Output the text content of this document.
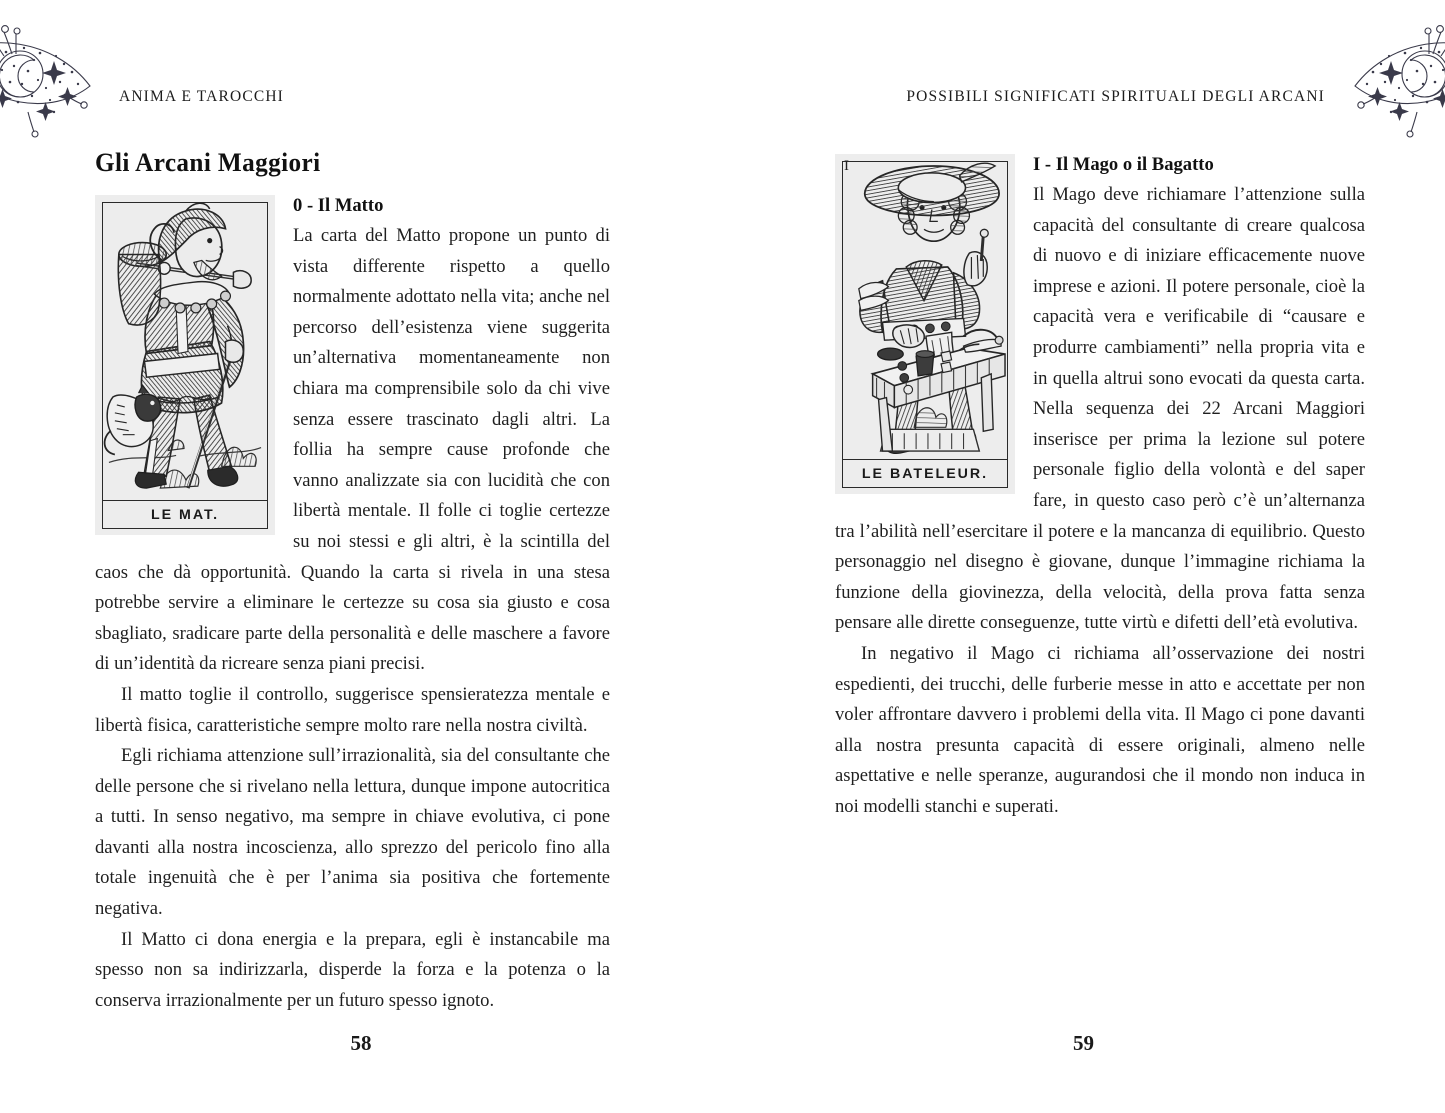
ANIMA E TAROCCHI
Gli Arcani Maggiori
LE MAT.

0 - Il Matto

La carta del Matto propone un punto di vista differente rispetto a quello normalmente adottato nella vita; anche nel percorso dell’esistenza viene suggerita un’alternativa momentaneamente non chiara ma comprensibile solo da chi vive senza essere trascinato dagli altri. La follia ha sempre cause profonde che vanno analizzate sia con lucidità che con libertà mentale. Il folle ci toglie certezze su noi stessi e gli altri, è la scintilla del caos che dà opportunità. Quando la carta si rivela in una stesa potrebbe servire a eliminare le certezze su cosa sia giusto e cosa sbagliato, sradicare parte della personalità e delle maschere a favore di un’identità da ricreare senza piani precisi.

Il matto toglie il controllo, suggerisce spensieratezza mentale e libertà fisica, caratteristiche sempre molto rare nella nostra civiltà.

Egli richiama attenzione sull’irrazionalità, sia del consultante che delle persone che si rivelano nella lettura, dunque impone autocritica a tutti. In senso negativo, ma sempre in chiave evolutiva, ci pone davanti alla nostra incoscienza, allo sprezzo del pericolo fino alla totale ingenuità che è per l’anima sia positiva che fortemente negativa.

Il Matto ci dona energia e la prepara, egli è instancabile ma spesso non sa indirizzarla, disperde la forza e la potenza o la conserva irrazionalmente per un futuro spesso ignoto.

58
POSSIBILI SIGNIFICATI SPIRITUALI DEGLI ARCANI
LE BATELEUR.
I	I - Il Mago o il Bagatto

Il Mago deve richiamare l’attenzione sulla capacità del consultante di creare qualcosa di nuovo e di iniziare efficacemente nuove imprese e azioni. Il potere personale, cioè la capacità vera e verificabile di “causare e produrre cambiamenti” nella propria vita e in quella altrui sono evocati da questa carta. Nella sequenza dei 22 Arcani Maggiori inserisce per prima la lezione sul potere personale figlio della volontà e del saper fare, in questo caso però c’è un’alternanza tra l’abilità nell’esercitare il potere e la mancanza di equilibrio. Questo personaggio nel disegno è giovane, dunque l’immagine richiama la funzione della giovinezza, della velocità, della prova fatta senza pensare alle dirette conseguenze, tutte virtù e difetti dell’età evolutiva.

In negativo il Mago ci richiama all’osservazione dei nostri espedienti, dei trucchi, delle furberie messe in atto e accettate per non voler affrontare davvero i problemi della vita. Il Mago ci pone davanti alla nostra presunta capacità di essere originali, almeno nelle aspettative e nelle speranze, augurandosi che il mondo non induca in noi modelli stanchi e superati.

59
